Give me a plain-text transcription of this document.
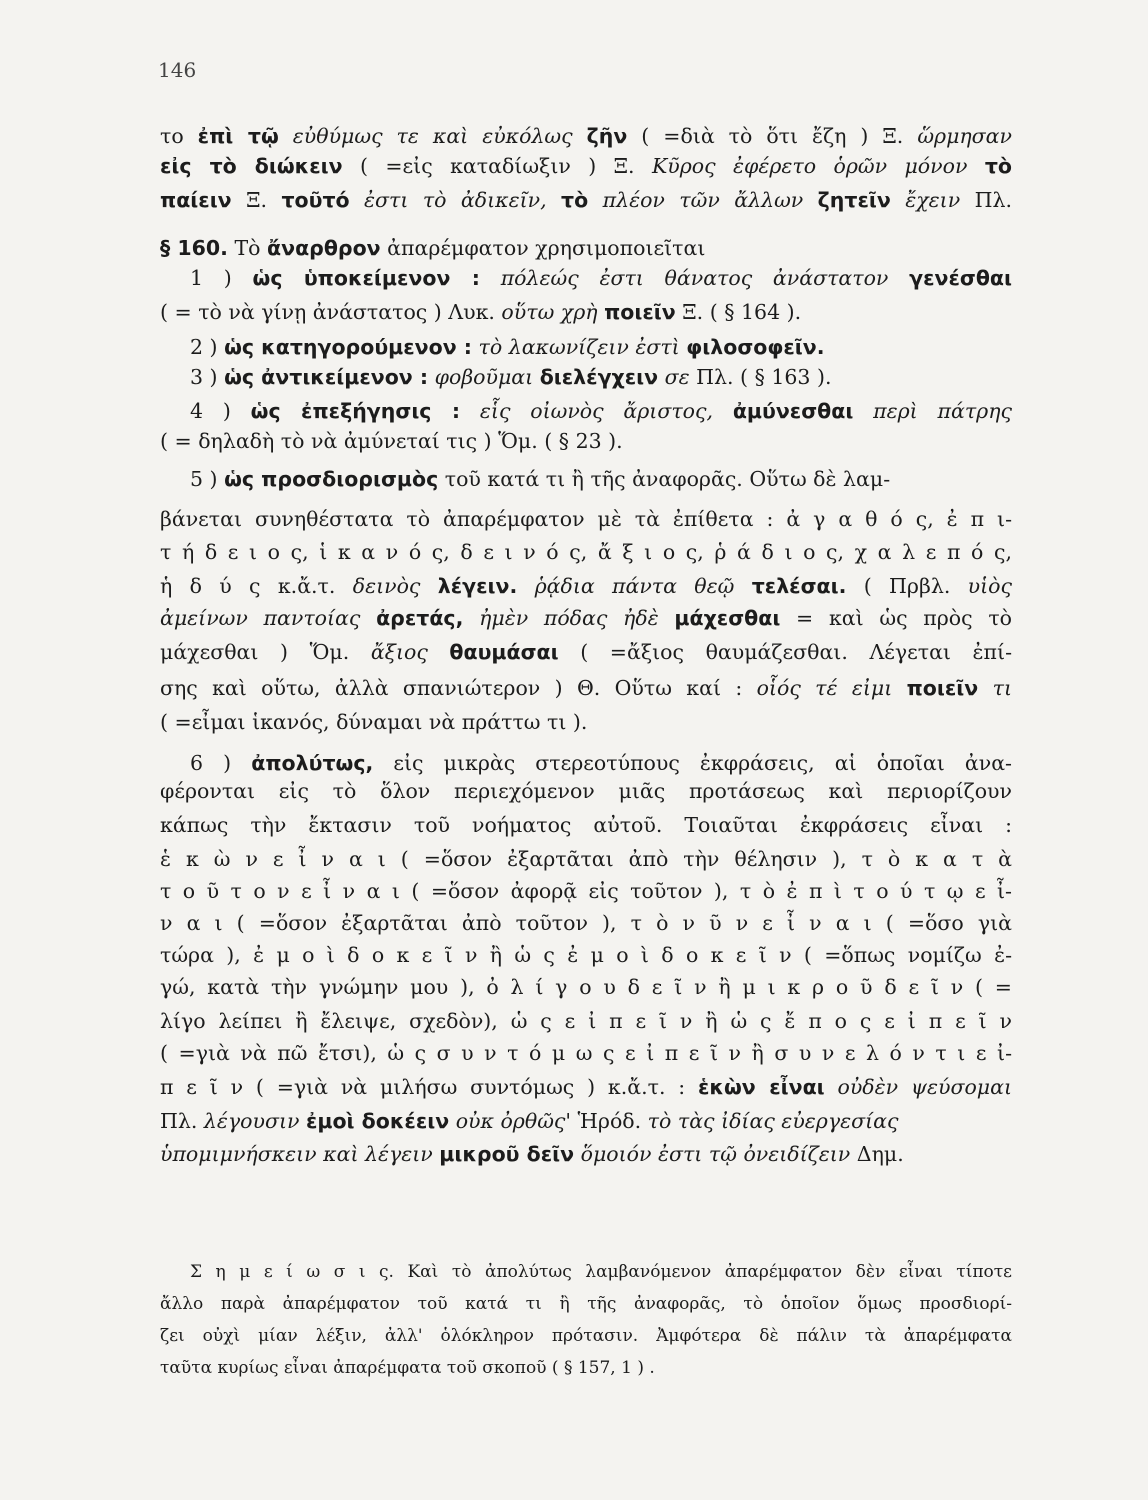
146
το ἐπὶ τῷ εὐθύμως τε καὶ εὐκόλως ζῆν ( =διὰ τὸ ὅτι ἔζη ) Ξ. ὥρμησαν
εἰς τὸ διώκειν ( =εἰς καταδίωξιν ) Ξ. Κῦρος ἐφέρετο ὁρῶν μόνον τὸ
παίειν Ξ. τοῦτό ἐστι τὸ ἀδικεῖν, τὸ πλέον τῶν ἄλλων ζητεῖν ἔχειν Πλ.
§ 160. Τὸ ἄναρθρον ἀπαρέμφατον χρησιμοποιεῖται
1 ) ὡς ὑποκείμενον : πόλεώς ἐστι θάνατος ἀνάστατον γενέσθαι
( = τὸ νὰ γίνῃ ἀνάστατος ) Λυκ. οὕτω χρὴ ποιεῖν Ξ. ( § 164 ).
2 ) ὡς κατηγορούμενον : τὸ λακωνίζειν ἐστὶ φιλοσοφεῖν.
3 ) ὡς ἀντικείμενον : φοβοῦμαι διελέγχειν σε Πλ. ( § 163 ).
4 ) ὡς ἐπεξήγησις : εἷς οἰωνὸς ἄριστος, ἀμύνεσθαι περὶ πάτρης
( = δηλαδὴ τὸ νὰ ἀμύνεταί τις ) Ὅμ. ( § 23 ).
5 ) ὡς προσδιορισμὸς τοῦ κατά τι ἢ τῆς ἀναφορᾶς. Οὕτω δὲ λαμ-
βάνεται συνηθέστατα τὸ ἀπαρέμφατον μὲ τὰ ἐπίθετα : ἀ γ α θ ό ς, ἐ π ι-
τ ή δ ε ι ο ς, ἱ κ α ν ό ς, δ ε ι ν ό ς, ἄ ξ ι ο ς, ῥ ά δ ι ο ς, χ α λ ε π ό ς,
ἡ δ ύ ς κ.ἄ.τ. δεινὸς λέγειν. ῥᾴδια πάντα θεῷ τελέσαι. ( Πρβλ. υἱὸς
ἀμείνων παντοίας ἀρετάς, ἠμὲν πόδας ἠδὲ μάχεσθαι = καὶ ὡς πρὸς τὸ
μάχεσθαι ) Ὅμ. ἄξιος θαυμάσαι ( =ἄξιος θαυμάζεσθαι. Λέγεται ἐπί-
σης καὶ οὕτω, ἀλλὰ σπανιώτερον ) Θ. Οὕτω καί : οἷός τέ εἰμι ποιεῖν τι
( =εἶμαι ἱκανός, δύναμαι νὰ πράττω τι ).
6 ) ἀπολύτως, εἰς μικρὰς στερεοτύπους ἐκφράσεις, αἱ ὁποῖαι ἀνα-
φέρονται εἰς τὸ ὅλον περιεχόμενον μιᾶς προτάσεως καὶ περιορίζουν
κάπως τὴν ἔκτασιν τοῦ νοήματος αὐτοῦ. Τοιαῦται ἐκφράσεις εἶναι :
ἑ κ ὼ ν ε ἶ ν α ι ( =ὅσον ἐξαρτᾶται ἀπὸ τὴν θέλησιν ), τ ὸ κ α τ ὰ
τ ο ῦ τ ο ν ε ἶ ν α ι ( =ὅσον ἀφορᾷ εἰς τοῦτον ), τ ὸ ἐ π ὶ τ ο ύ τ ῳ ε ἶ-
ν α ι ( =ὅσον ἐξαρτᾶται ἀπὸ τοῦτον ), τ ὸ ν ῦ ν ε ἶ ν α ι ( =ὅσο γιὰ
τώρα ), ἐ μ ο ὶ δ ο κ ε ῖ ν ἢ ὡ ς ἐ μ ο ὶ δ ο κ ε ῖ ν ( =ὅπως νομίζω ἐ-
γώ, κατὰ τὴν γνώμην μου ), ὀ λ ί γ ο υ δ ε ῖ ν ἢ μ ι κ ρ ο ῦ δ ε ῖ ν ( =
λίγο λείπει ἢ ἔλειψε, σχεδὸν), ὡ ς ε ἰ π ε ῖ ν ἢ ὡ ς ἔ π ο ς ε ἰ π ε ῖ ν
( =γιὰ νὰ πῶ ἔτσι), ὡ ς σ υ ν τ ό μ ω ς ε ἰ π ε ῖ ν ἢ σ υ ν ε λ ό ν τ ι ε ἰ-
π ε ῖ ν ( =γιὰ νὰ μιλήσω συντόμως ) κ.ἄ.τ. : ἑκὼν εἶναι οὐδὲν ψεύσομαι
Πλ. λέγουσιν ἐμοὶ δοκέειν οὐκ ὀρθῶς' Ἡρόδ. τὸ τὰς ἰδίας εὐεργεσίας
ὑπομιμνήσκειν καὶ λέγειν μικροῦ δεῖν ὅμοιόν ἐστι τῷ ὀνειδίζειν Δημ.
Σ η μ ε ί ω σ ι ς. Καὶ τὸ ἀπολύτως λαμβανόμενον ἀπαρέμφατον δὲν εἶναι τίποτε
ἄλλο παρὰ ἀπαρέμφατον τοῦ κατά τι ἢ τῆς ἀναφορᾶς, τὸ ὁποῖον ὅμως προσδιορί-
ζει οὐχὶ μίαν λέξιν, ἀλλ' ὁλόκληρον πρότασιν. Ἀμφότερα δὲ πάλιν τὰ ἀπαρέμφατα
ταῦτα κυρίως εἶναι ἀπαρέμφατα τοῦ σκοποῦ ( § 157, 1 ) .
